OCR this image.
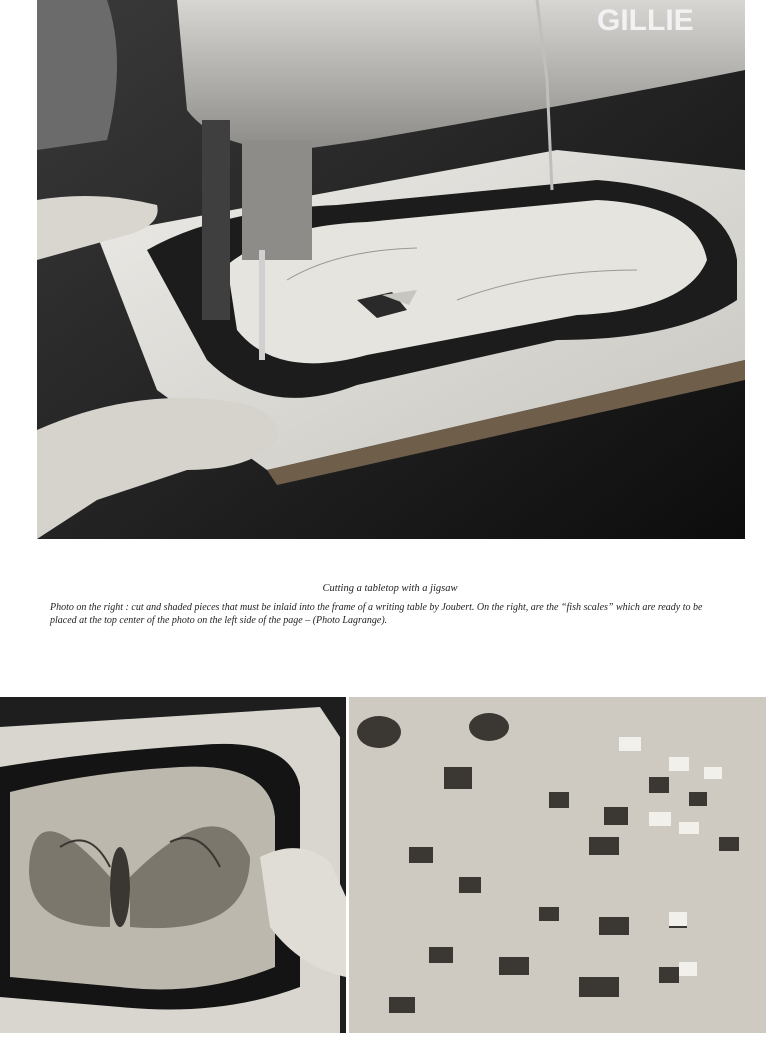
GILLIE
Cutting a tabletop with a jigsaw
Photo on the right : cut and shaded pieces that must be inlaid into the frame of a writing table by Joubert. On the right, are the “fish scales” which are ready to be placed at the top center of the photo on the left side of the page – (Photo Lagrange).
